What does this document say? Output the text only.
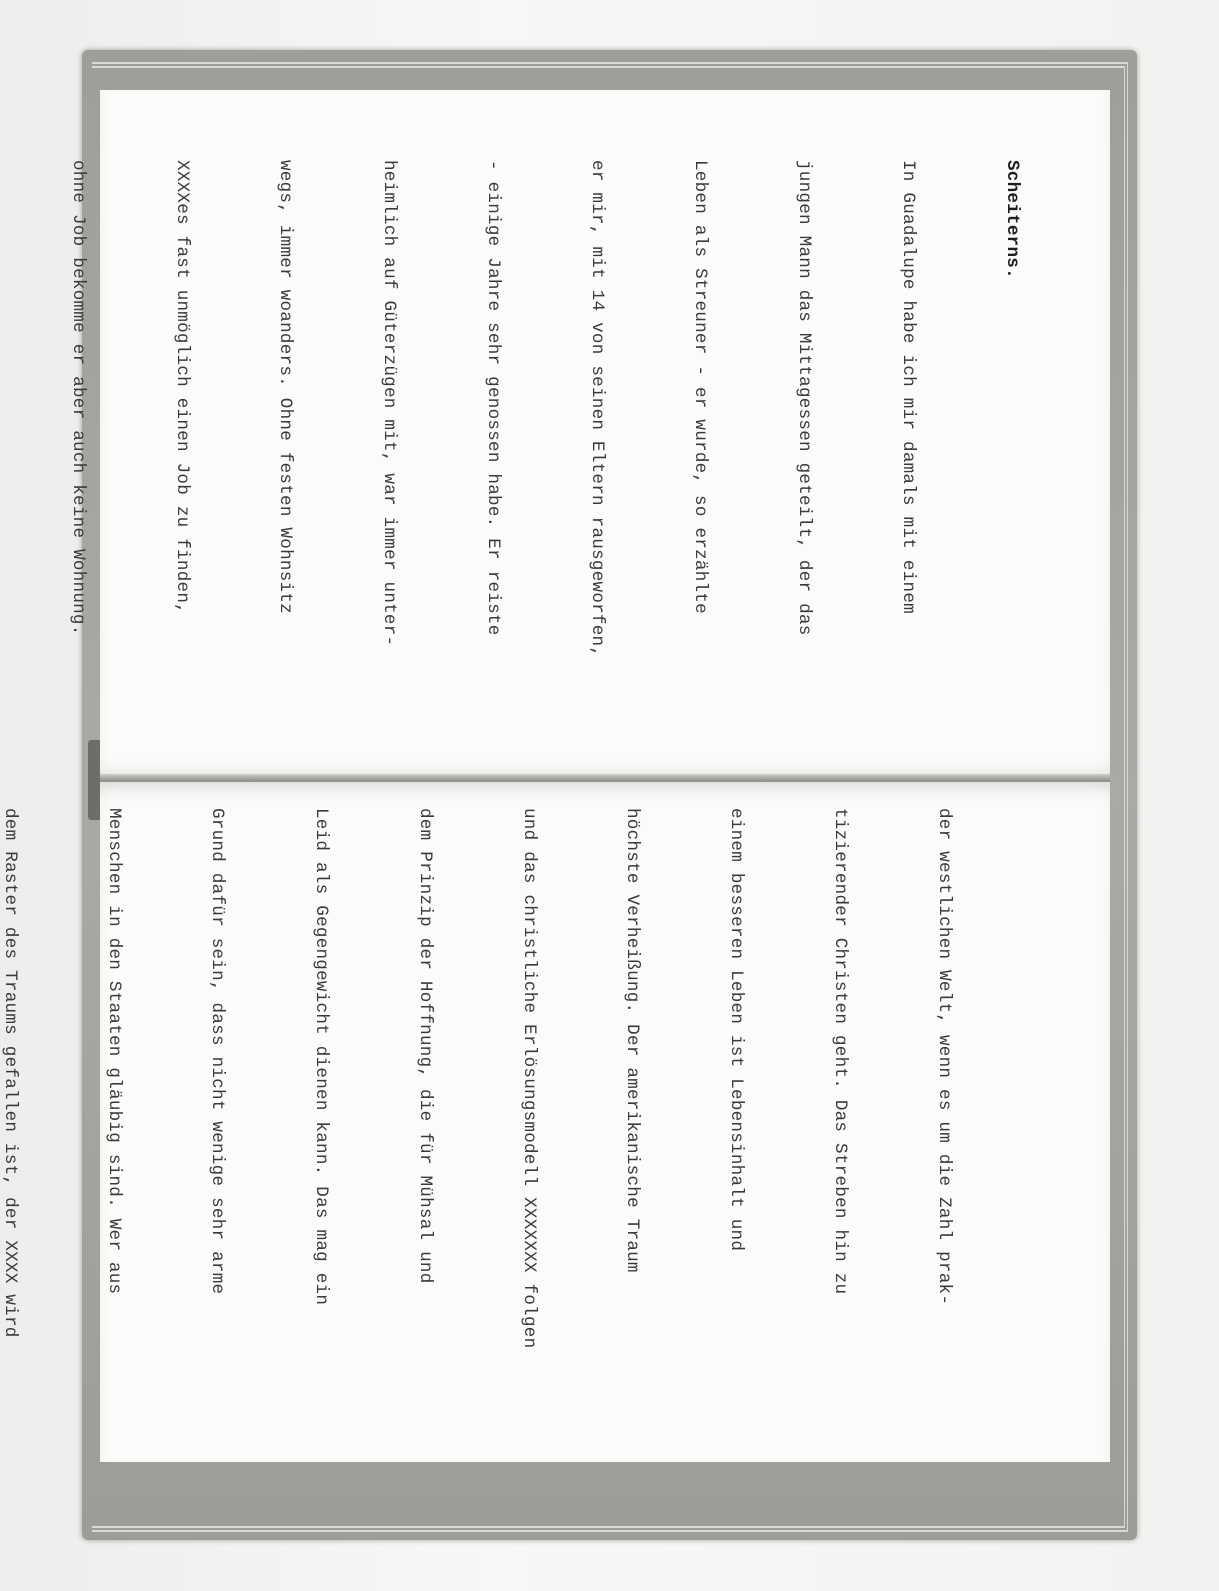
Scheiterns.

In Guadalupe habe ich mir damals mit einem

jungen Mann das Mittagessen geteilt, der das

Leben als Streuner - er wurde, so erzählte

er mir, mit 14 von seinen Eltern rausgeworfen,

- einige Jahre sehr genossen habe. Er reiste

heimlich auf Güterzügen mit, war immer unter-

wegs, immer woanders. Ohne festen Wohnsitz

XXXXes fast unmöglich einen Job zu finden,

ohne Job bekomme er aber auch keine Wohnung.

der westlichen Welt, wenn es um die Zahl prak-

tizierender Christen geht. Das Streben hin zu

einem besseren Leben ist Lebensinhalt und

höchste Verheißung. Der amerikanische Traum

und das christliche Erlösungsmodell XXXXXXX folgen

dem Prinzip der Hoffnung, die für Mühsal und

Leid als Gegengewicht dienen kann. Das mag ein

Grund dafür sein, dass nicht wenige sehr arme

Menschen in den Staaten gläubig sind. Wer aus

dem Raster des Traums gefallen ist, der XXXX wird
